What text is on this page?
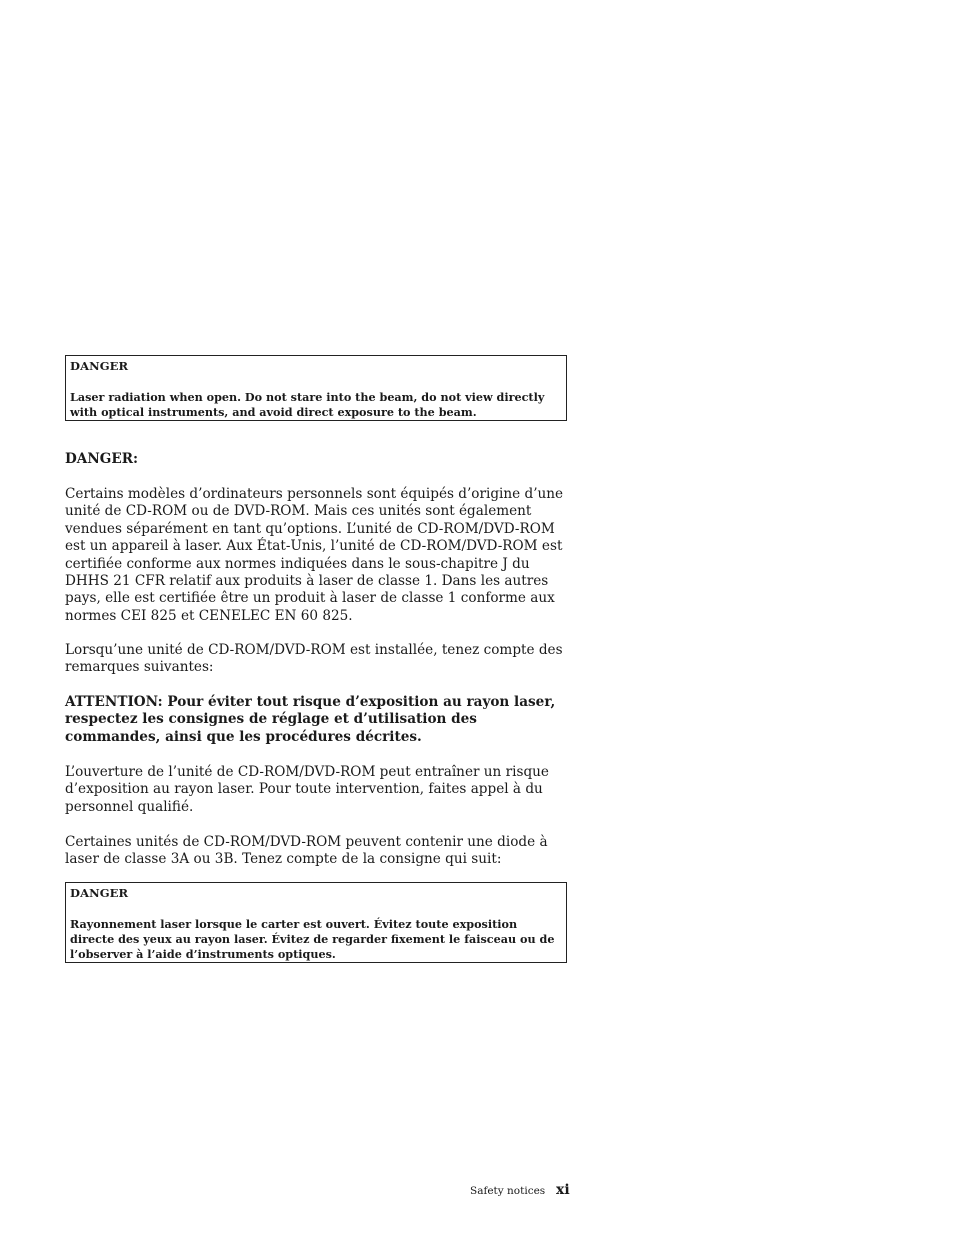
DANGER

Laser radiation when open. Do not stare into the beam, do not view directly with optical instruments, and avoid direct exposure to the beam.

DANGER:

Certains modèles d’ordinateurs personnels sont équipés d’origine d’une unité de CD-ROM ou de DVD-ROM. Mais ces unités sont également vendues séparément en tant qu’options. L’unité de CD-ROM/DVD-ROM est un appareil à laser. Aux État-Unis, l’unité de CD-ROM/DVD-ROM est certifiée conforme aux normes indiquées dans le sous-chapitre J du DHHS 21 CFR relatif aux produits à laser de classe 1. Dans les autres pays, elle est certifiée être un produit à laser de classe 1 conforme aux normes CEI 825 et CENELEC EN 60 825.

Lorsqu’une unité de CD-ROM/DVD-ROM est installée, tenez compte des remarques suivantes:

ATTENTION: Pour éviter tout risque d’exposition au rayon laser, respectez les consignes de réglage et d’utilisation des commandes, ainsi que les procédures décrites.

L’ouverture de l’unité de CD-ROM/DVD-ROM peut entraîner un risque d’exposition au rayon laser. Pour toute intervention, faites appel à du personnel qualifié.

Certaines unités de CD-ROM/DVD-ROM peuvent contenir une diode à laser de classe 3A ou 3B. Tenez compte de la consigne qui suit:

DANGER

Rayonnement laser lorsque le carter est ouvert. Évitez toute exposition directe des yeux au rayon laser. Évitez de regarder fixement le faisceau ou de l’observer à l’aide d’instruments optiques.

Safety notices xi
